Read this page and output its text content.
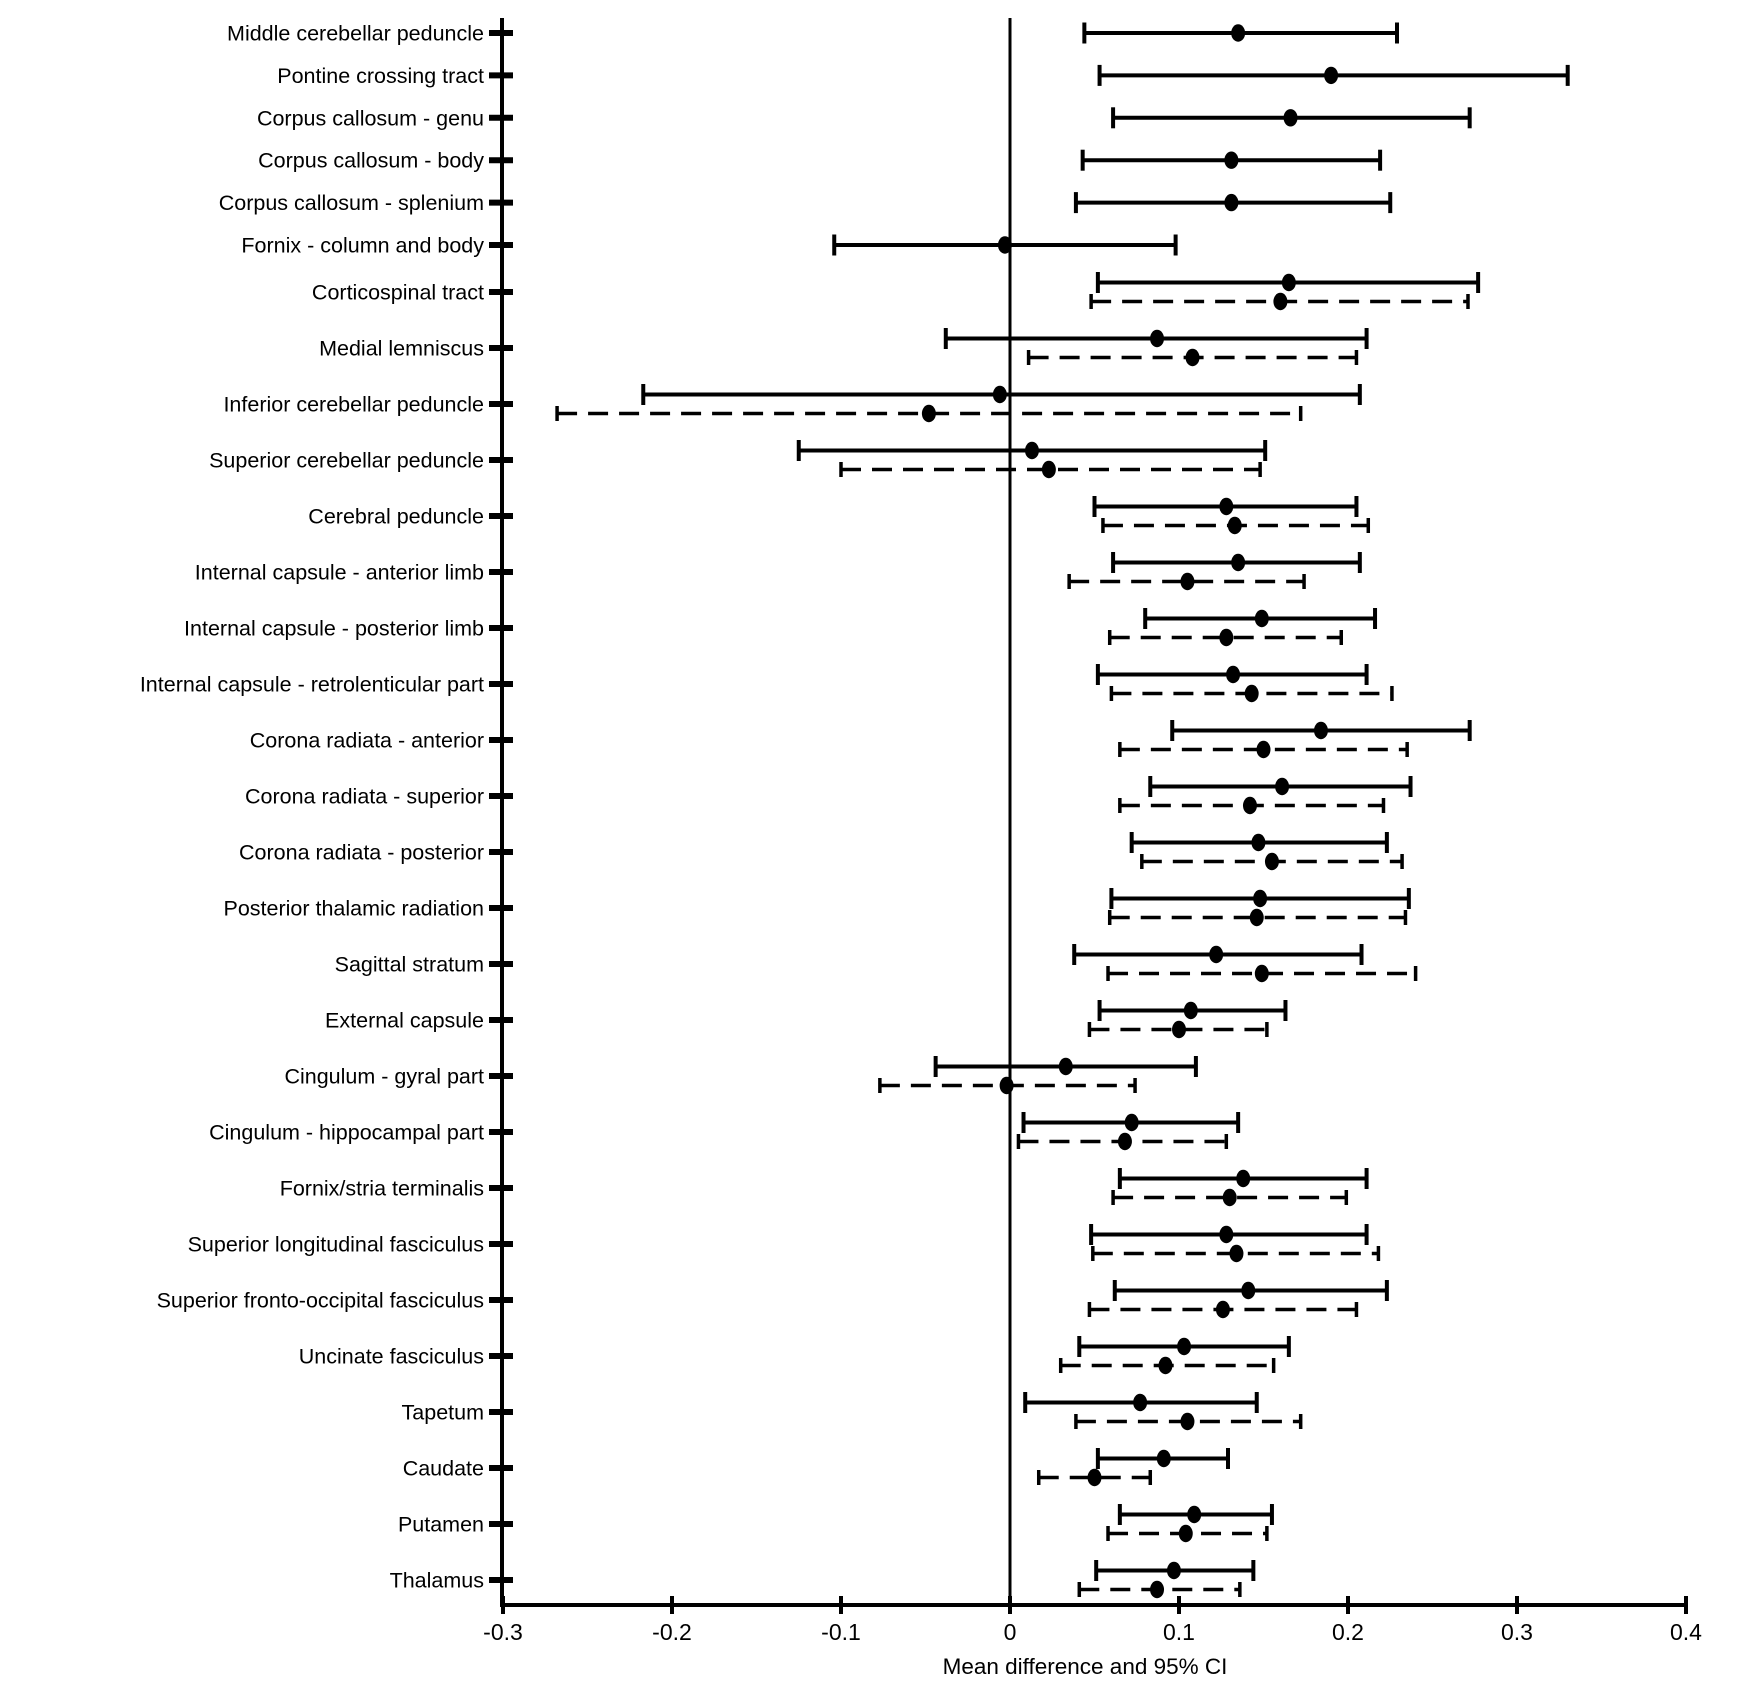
Middle cerebellar peduncle
Pontine crossing tract
Corpus callosum - genu
Corpus callosum - body
Corpus callosum - splenium
Fornix - column and body
Corticospinal tract
Medial lemniscus
Inferior cerebellar peduncle
Superior cerebellar peduncle
Cerebral peduncle
Internal capsule - anterior limb
Internal capsule - posterior limb
Internal capsule - retrolenticular part
Corona radiata - anterior
Corona radiata - superior
Corona radiata - posterior
Posterior thalamic radiation
Sagittal stratum
External capsule
Cingulum - gyral part
Cingulum - hippocampal part
Fornix/stria terminalis
Superior longitudinal fasciculus
Superior fronto-occipital fasciculus
Uncinate fasciculus
Tapetum
Caudate
Putamen
Thalamus
-0.3	-0.2	-0.1	0	0.1	0.2	0.3	0.4
Mean difference and 95% CI
